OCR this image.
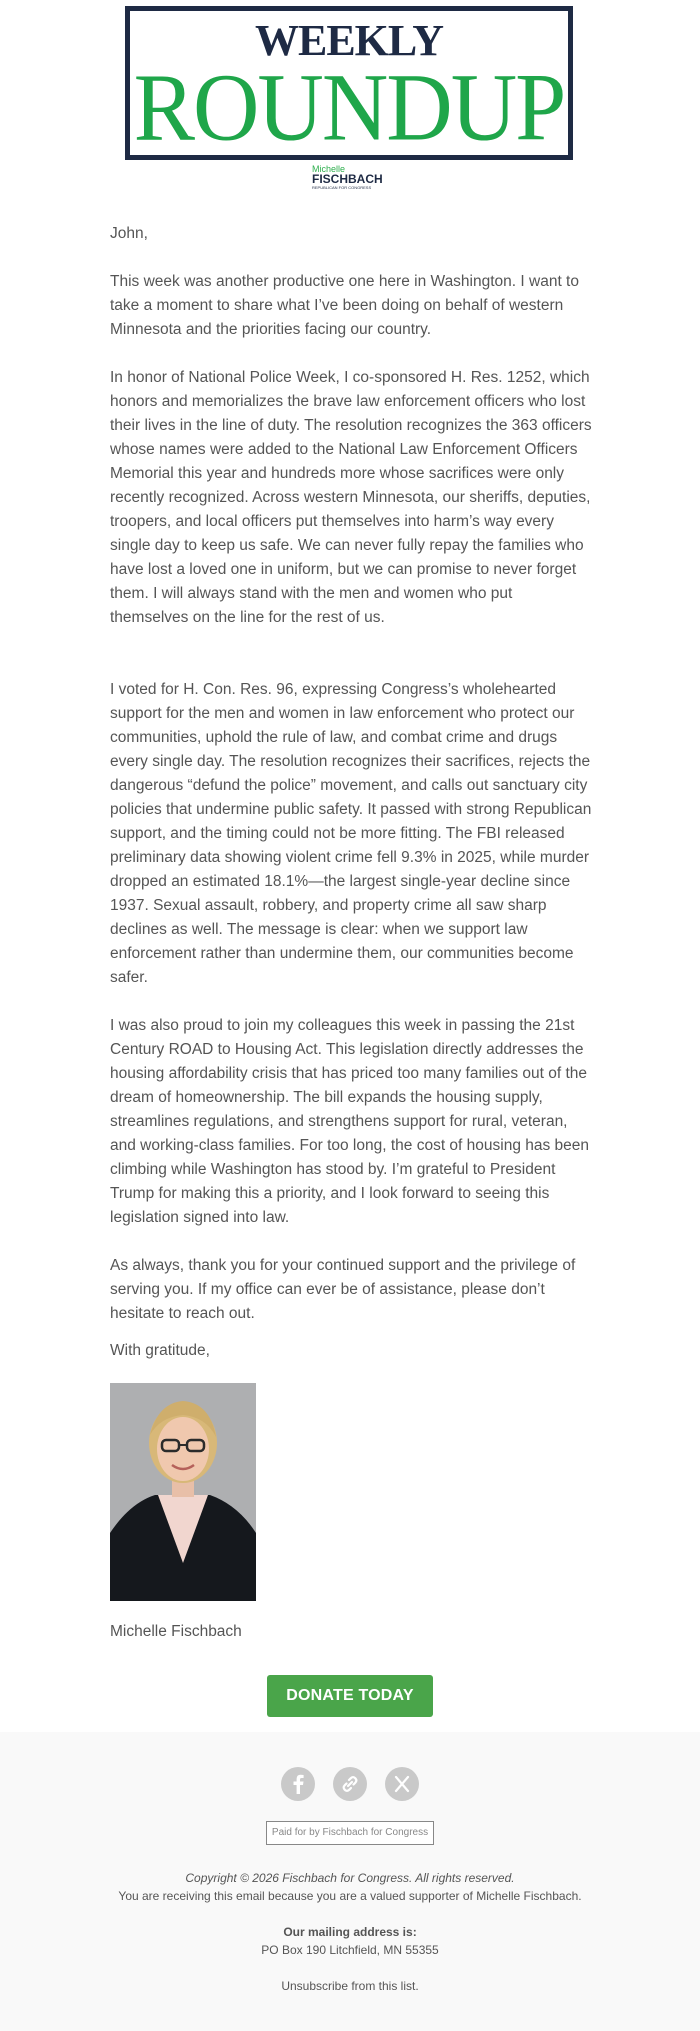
WEEKLY
ROUNDUP
Michelle
FISCHBACH
REPUBLICAN FOR CONGRESS

John,

This week was another productive one here in Washington. I want to take a moment to share what I’ve been doing on behalf of western Minnesota and the priorities facing our country.

In honor of National Police Week, I co-sponsored H. Res. 1252, which honors and memorializes the brave law enforcement officers who lost their lives in the line of duty. The resolution recognizes the 363 officers whose names were added to the National Law Enforcement Officers Memorial this year and hundreds more whose sacrifices were only recently recognized. Across western Minnesota, our sheriffs, deputies, troopers, and local officers put themselves into harm’s way every single day to keep us safe. We can never fully repay the families who have lost a loved one in uniform, but we can promise to never forget them. I will always stand with the men and women who put themselves on the line for the rest of us.

I voted for H. Con. Res. 96, expressing Congress’s wholehearted support for the men and women in law enforcement who protect our communities, uphold the rule of law, and combat crime and drugs every single day. The resolution recognizes their sacrifices, rejects the dangerous “defund the police” movement, and calls out sanctuary city policies that undermine public safety. It passed with strong Republican support, and the timing could not be more fitting. The FBI released preliminary data showing violent crime fell 9.3% in 2025, while murder dropped an estimated 18.1%—the largest single-year decline since 1937. Sexual assault, robbery, and property crime all saw sharp declines as well. The message is clear: when we support law enforcement rather than undermine them, our communities become safer.

I was also proud to join my colleagues this week in passing the 21st Century ROAD to Housing Act. This legislation directly addresses the housing affordability crisis that has priced too many families out of the dream of homeownership. The bill expands the housing supply, streamlines regulations, and strengthens support for rural, veteran, and working-class families. For too long, the cost of housing has been climbing while Washington has stood by. I’m grateful to President Trump for making this a priority, and I look forward to seeing this legislation signed into law.

As always, thank you for your continued support and the privilege of serving you. If my office can ever be of assistance, please don’t hesitate to reach out.

With gratitude,

Michelle Fischbach

DONATE TODAY
Paid for by Fischbach for Congress
Copyright © 2026 Fischbach for Congress. All rights reserved.
You are receiving this email because you are a valued supporter of Michelle Fischbach.
Our mailing address is:
PO Box 190 Litchfield, MN 55355
Unsubscribe from this list.
